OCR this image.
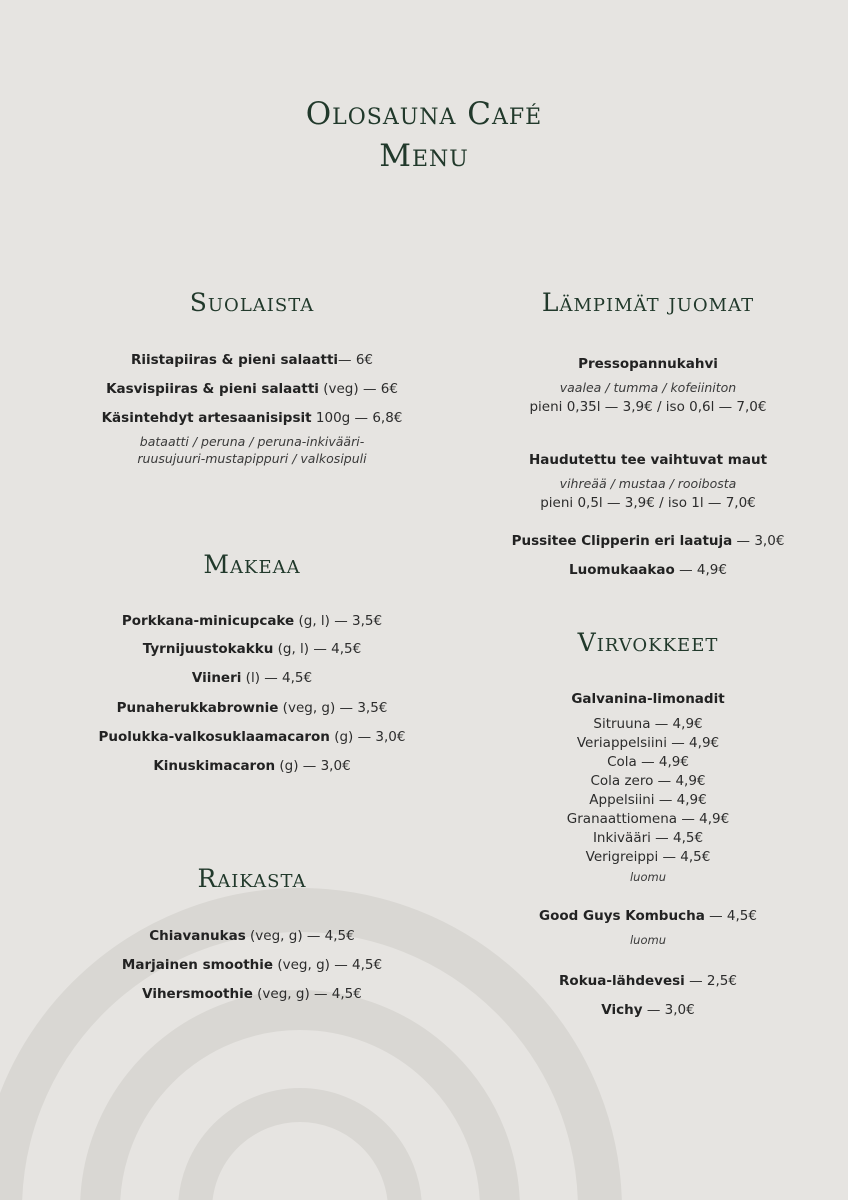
Olosauna Café
Menu
Suolaista
Riistapiiras & pieni salaatti— 6€
Kasvispiiras & pieni salaatti (veg) — 6€
Käsintehdyt artesaanisipsit 100g — 6,8€
bataatti / peruna / peruna-inkivääri-
ruusujuuri-mustapippuri / valkosipuli
Makeaa
Porkkana-minicupcake (g, l) — 3,5€
Tyrnijuustokakku (g, l) — 4,5€
Viineri (l) — 4,5€
Punaherukkabrownie (veg, g) — 3,5€
Puolukka-valkosuklaamacaron (g) — 3,0€
Kinuskimacaron (g) — 3,0€
Raikasta
Chiavanukas (veg, g) — 4,5€
Marjainen smoothie (veg, g) — 4,5€
Vihersmoothie (veg, g) — 4,5€
Lämpimät juomat
Pressopannukahvi
vaalea / tumma / kofeiiniton
pieni 0,35l — 3,9€ / iso 0,6l — 7,0€
Haudutettu tee vaihtuvat maut
vihreää / mustaa / rooibosta
pieni 0,5l — 3,9€ / iso 1l — 7,0€
Pussitee Clipperin eri laatuja — 3,0€
Luomukaakao — 4,9€
Virvokkeet
Galvanina-limonadit
Sitruuna — 4,9€
Veriappelsiini — 4,9€
Cola — 4,9€
Cola zero — 4,9€
Appelsiini — 4,9€
Granaattiomena — 4,9€
Inkivääri — 4,5€
Verigreippi — 4,5€
luomu
Good Guys Kombucha — 4,5€
luomu
Rokua-lähdevesi — 2,5€
Vichy — 3,0€
